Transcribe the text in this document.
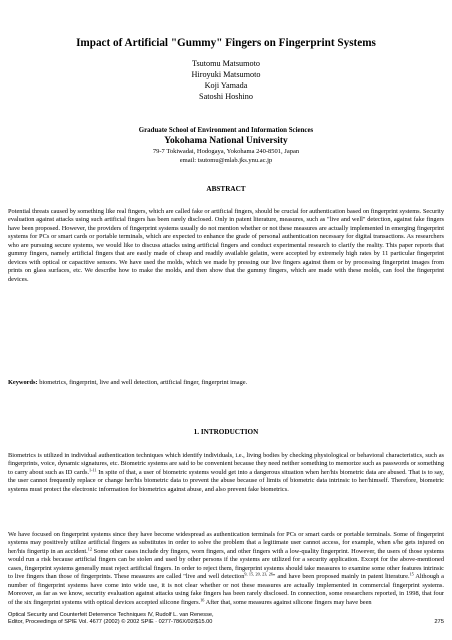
Impact of Artificial "Gummy" Fingers on Fingerprint Systems
Tsutomu Matsumoto
Hiroyuki Matsumoto
Koji Yamada
Satoshi Hoshino
Graduate School of Environment and Information Sciences
Yokohama National University
79-7 Tokiwadai, Hodogaya, Yokohama 240-8501, Japan
email: tsutomu@mlab.jks.ynu.ac.jp
ABSTRACT

Potential threats caused by something like real fingers, which are called fake or artificial fingers, should be crucial for authentication based on fingerprint systems. Security evaluation against attacks using such artificial fingers has been rarely disclosed. Only in patent literature, measures, such as "live and well" detection, against fake fingers have been proposed. However, the providers of fingerprint systems usually do not mention whether or not these measures are actually implemented in emerging fingerprint systems for PCs or smart cards or portable terminals, which are expected to enhance the grade of personal authentication necessary for digital transactions. As researchers who are pursuing secure systems, we would like to discuss attacks using artificial fingers and conduct experimental research to clarify the reality. This paper reports that gummy fingers, namely artificial fingers that are easily made of cheap and readily available gelatin, were accepted by extremely high rates by 11 particular fingerprint devices with optical or capacitive sensors. We have used the molds, which we made by pressing our live fingers against them or by processing fingerprint images from prints on glass surfaces, etc. We describe how to make the molds, and then show that the gummy fingers, which are made with these molds, can fool the fingerprint devices.

Keywords: biometrics, fingerprint, live and well detection, artificial finger, fingerprint image.

1. INTRODUCTION

Biometrics is utilized in individual authentication techniques which identify individuals, i.e., living bodies by checking physiological or behavioral characteristics, such as fingerprints, voice, dynamic signatures, etc. Biometric systems are said to be convenient because they need neither something to memorize such as passwords or something to carry about such as ID cards.$^{1-11}$ In spite of that, a user of biometric systems would get into a dangerous situation when her/his biometric data are abused. That is to say, the user cannot frequently replace or change her/his biometric data to prevent the abuse because of limits of biometric data intrinsic to her/himself. Therefore, biometric systems must protect the electronic information for biometrics against abuse, and also prevent fake biometrics.

We have focused on fingerprint systems since they have become widespread as authentication terminals for PCs or smart cards or portable terminals. Some of fingerprint systems may positively utilize artificial fingers as substitutes in order to solve the problem that a legitimate user cannot access, for example, when s/he gets injured on her/his fingertip in an accident.$^{12}$ Some other cases include dry fingers, worn fingers, and other fingers with a low-quality fingerprint. However, the users of those systems would run a risk because artificial fingers can be stolen and used by other persons if the systems are utilized for a security application. Except for the above-mentioned cases, fingerprint systems generally must reject artificial fingers. In order to reject them, fingerprint systems should take measures to examine some other features intrinsic to live fingers than those of fingerprints. These measures are called "live and well detection$^{9, 15, 20, 23, 26}$" and have been proposed mainly in patent literature.$^{15}$ Although a number of fingerprint systems have come into wide use, it is not clear whether or not these measures are actually implemented in commercial fingerprint systems. Moreover, as far as we know, security evaluation against attacks using fake fingers has been rarely disclosed. In connection, some researchers reported, in 1998, that four of the six fingerprint systems with optical devices accepted silicone fingers.$^{16}$ After that, some measures against silicone fingers may have been

Optical Security and Counterfeit Deterrence Techniques IV, Rudolf L. van Renesse,
Editor, Proceedings of SPIE Vol. 4677 (2002) © 2002 SPIE · 0277-786X/02/$15.00	275
